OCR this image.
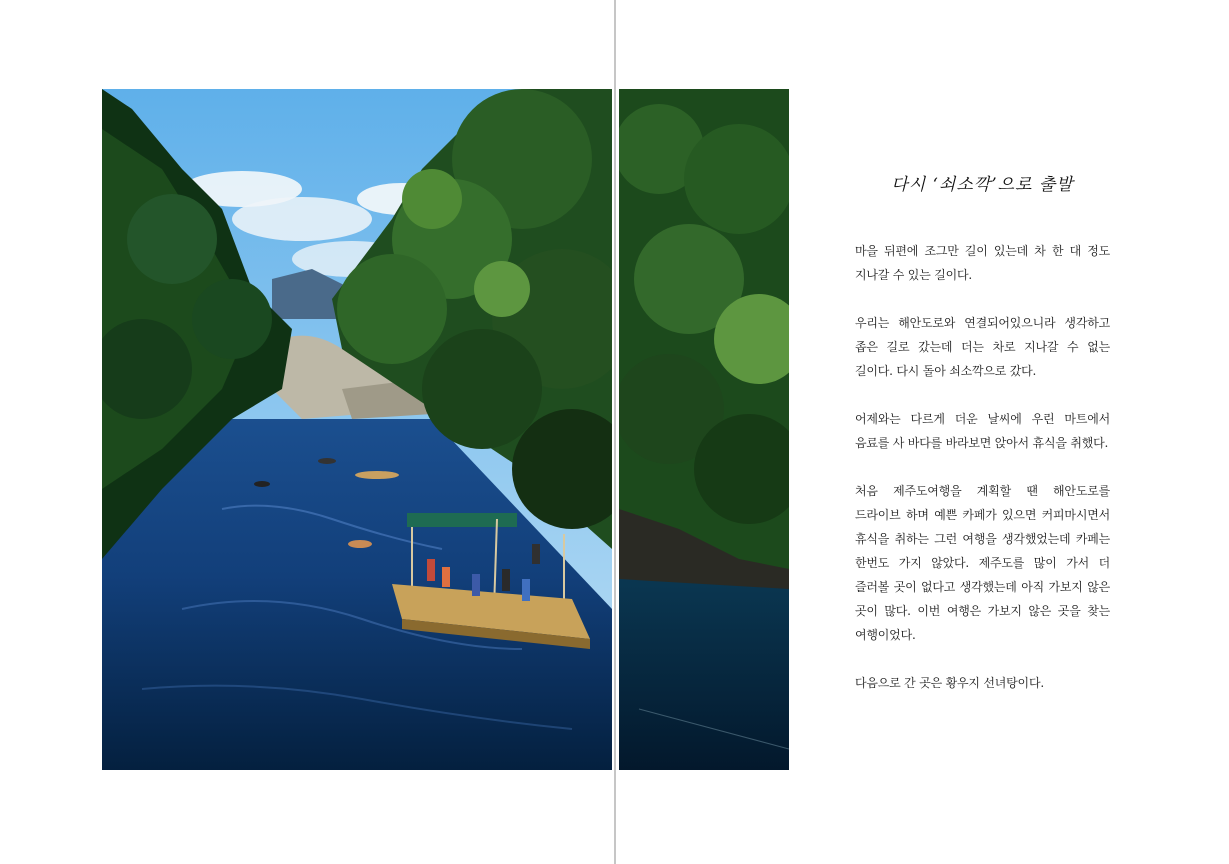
다시 ‘쇠소깍’으로 출발

마을 뒤편에 조그만 길이 있는데 차 한 대 정도 지나갈 수 있는 길이다.

우리는 해안도로와 연결되어있으니라 생각하고 좁은 길로 갔는데 더는 차로 지나갈 수 없는 길이다. 다시 돌아 쇠소깍으로 갔다.

어제와는 다르게 더운 날씨에 우린 마트에서 음료를 사 바다를 바라보면 앉아서 휴식을 취했다.

처음 제주도여행을 계획할 땐 해안도로를 드라이브 하며 예쁜 카페가 있으면 커피마시면서 휴식을 취하는 그런 여행을 생각했었는데 카페는 한번도 가지 않았다. 제주도를 많이 가서 더 즐러볼 곳이 없다고 생각했는데 아직 가보지 않은 곳이 많다. 이번 여행은 가보지 않은 곳을 찾는 여행이었다.

다음으로 간 곳은 황우지 선녀탕이다.
